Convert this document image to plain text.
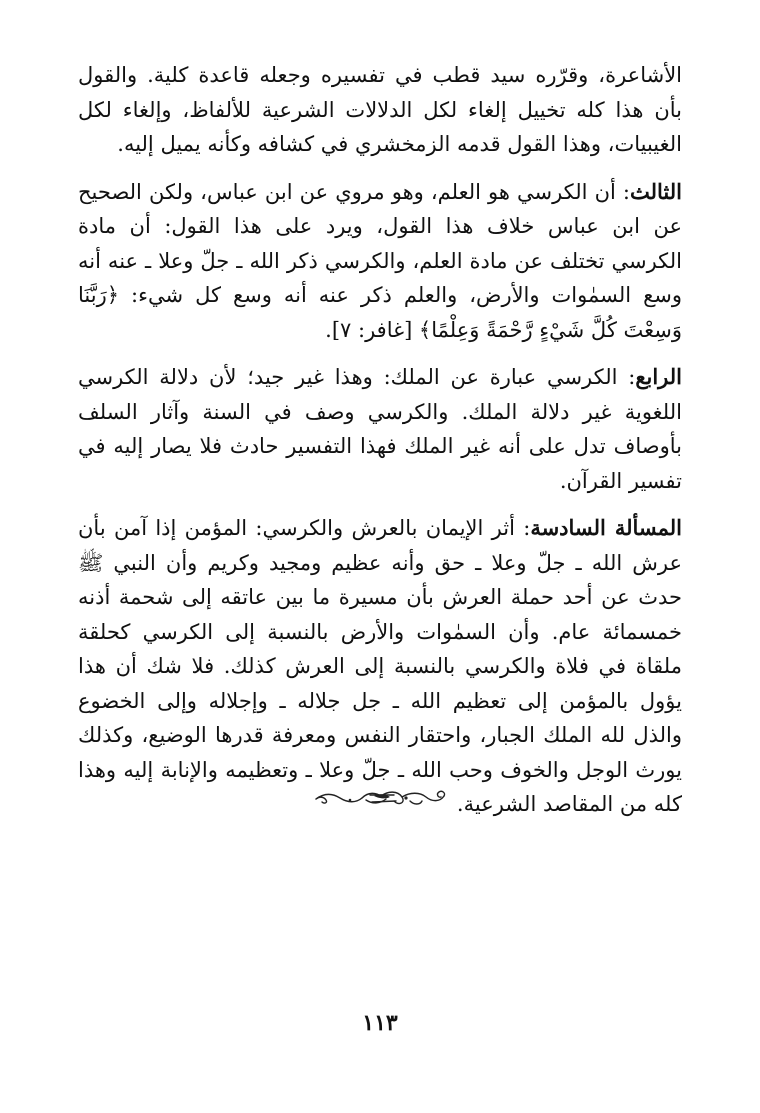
الأشاعرة، وقرّره سيد قطب في تفسيره وجعله قاعدة كلية. والقول بأن هذا كله تخييل إلغاء لكل الدلالات الشرعية للألفاظ، وإلغاء لكل الغيبيات، وهذا القول قدمه الزمخشري في كشافه وكأنه يميل إليه.

الثالث: أن الكرسي هو العلم، وهو مروي عن ابن عباس، ولكن الصحيح عن ابن عباس خلاف هذا القول، ويرد على هذا القول: أن مادة الكرسي تختلف عن مادة العلم، والكرسي ذكر الله ـ جلّ وعلا ـ عنه أنه وسع السمٰوات والأرض، والعلم ذكر عنه أنه وسع كل شيء: ﴿رَبَّنَا وَسِعْتَ كُلَّ شَيْءٍ رَّحْمَةً وَعِلْمًا﴾ [غافر: ٧].

الرابع: الكرسي عبارة عن الملك: وهذا غير جيد؛ لأن دلالة الكرسي اللغوية غير دلالة الملك. والكرسي وصف في السنة وآثار السلف بأوصاف تدل على أنه غير الملك فهذا التفسير حادث فلا يصار إليه في تفسير القرآن.

المسألة السادسة: أثر الإيمان بالعرش والكرسي: المؤمن إذا آمن بأن عرش الله ـ جلّ وعلا ـ حق وأنه عظيم ومجيد وكريم وأن النبي ﷺ حدث عن أحد حملة العرش بأن مسيرة ما بين عاتقه إلى شحمة أذنه خمسمائة عام. وأن السمٰوات والأرض بالنسبة إلى الكرسي كحلقة ملقاة في فلاة والكرسي بالنسبة إلى العرش كذلك. فلا شك أن هذا يؤول بالمؤمن إلى تعظيم الله ـ جل جلاله ـ وإجلاله وإلى الخضوع والذل لله الملك الجبار، واحتقار النفس ومعرفة قدرها الوضيع، وكذلك يورث الوجل والخوف وحب الله ـ جلّ وعلا ـ وتعظيمه والإنابة إليه وهذا كله من المقاصد الشرعية.

١١٣
